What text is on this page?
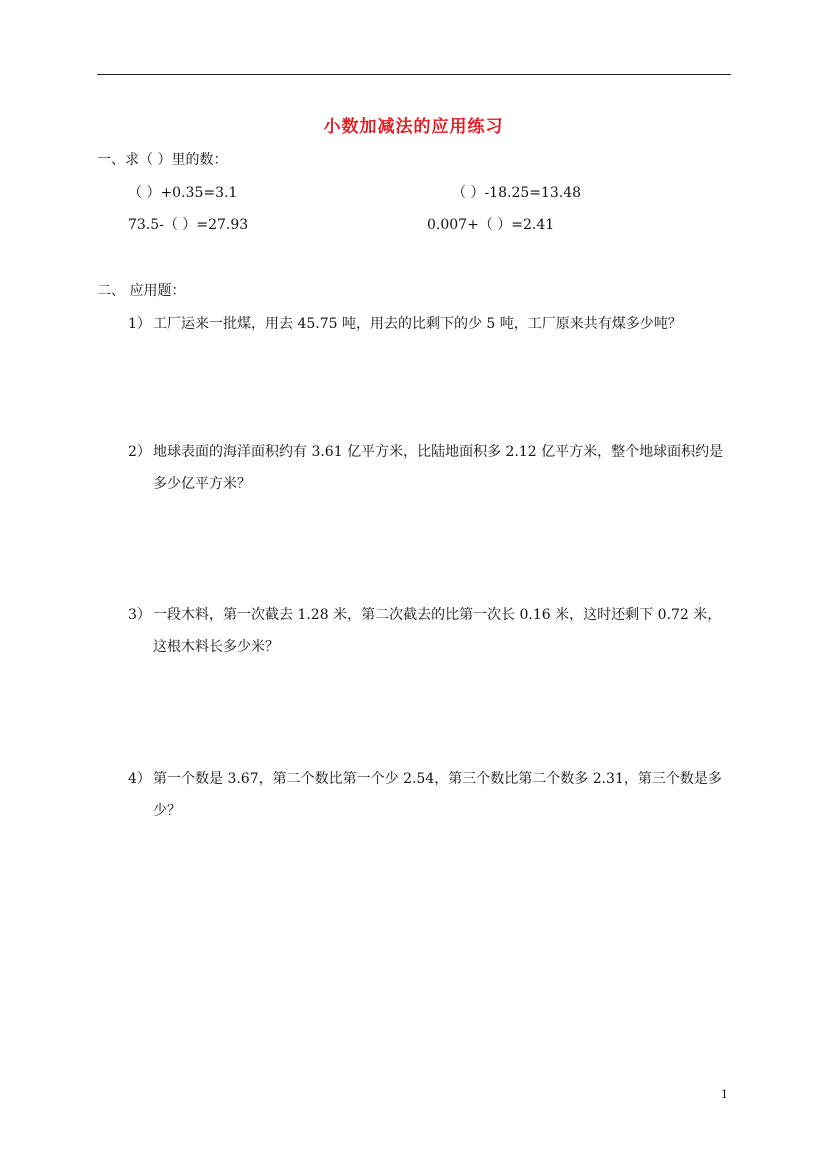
小数加减法的应用练习
一、求（ ）里的数：
（ ）+0.35=3.1	（ ）-18.25=13.48
73.5-（ ）=27.93	0.007+（ ）=2.41
二、 应用题：
1） 工厂运来一批煤，用去 45.75 吨，用去的比剩下的少 5 吨，工厂原来共有煤多少吨？
2） 地球表面的海洋面积约有 3.61 亿平方米，比陆地面积多 2.12 亿平方米，整个地球面积约是多少亿平方米？
3） 一段木料，第一次截去 1.28 米，第二次截去的比第一次长 0.16 米，这时还剩下 0.72 米，这根木料长多少米？
4） 第一个数是 3.67，第二个数比第一个少 2.54，第三个数比第二个数多 2.31，第三个数是多少？
1
